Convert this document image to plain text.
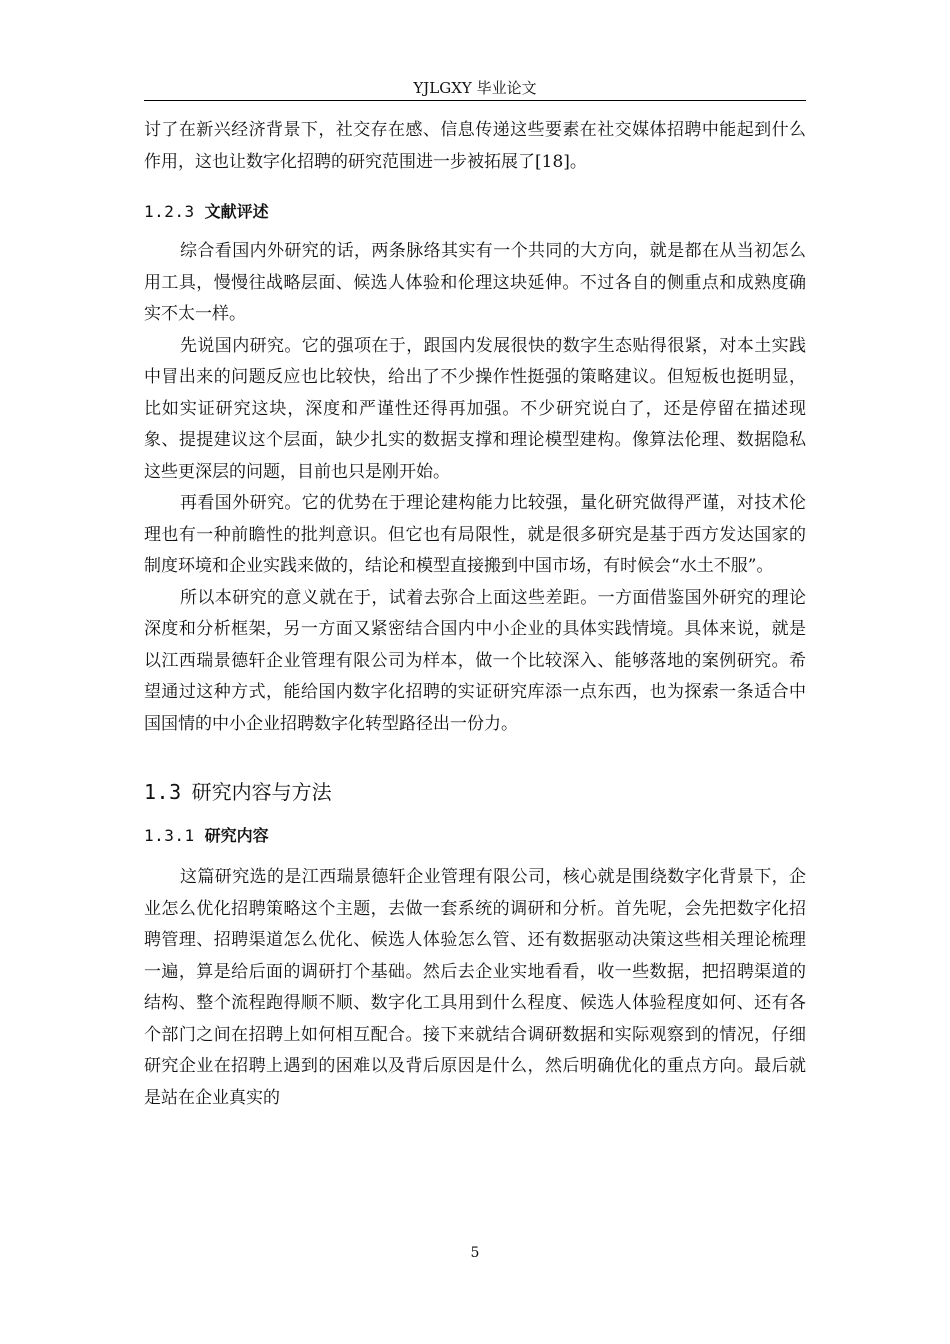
YJLGXY 毕业论文

讨了在新兴经济背景下，社交存在感、信息传递这些要素在社交媒体招聘中能起到什么作用，这也让数字化招聘的研究范围进一步被拓展了[18]。

1.2.3 文献评述

综合看国内外研究的话，两条脉络其实有一个共同的大方向，就是都在从当初怎么用工具，慢慢往战略层面、候选人体验和伦理这块延伸。不过各自的侧重点和成熟度确实不太一样。

先说国内研究。它的强项在于，跟国内发展很快的数字生态贴得很紧，对本土实践中冒出来的问题反应也比较快，给出了不少操作性挺强的策略建议。但短板也挺明显，比如实证研究这块，深度和严谨性还得再加强。不少研究说白了，还是停留在描述现象、提提建议这个层面，缺少扎实的数据支撑和理论模型建构。像算法伦理、数据隐私这些更深层的问题，目前也只是刚开始。

再看国外研究。它的优势在于理论建构能力比较强，量化研究做得严谨，对技术伦理也有一种前瞻性的批判意识。但它也有局限性，就是很多研究是基于西方发达国家的制度环境和企业实践来做的，结论和模型直接搬到中国市场，有时候会“水土不服”。

所以本研究的意义就在于，试着去弥合上面这些差距。一方面借鉴国外研究的理论深度和分析框架，另一方面又紧密结合国内中小企业的具体实践情境。具体来说，就是以江西瑞景德轩企业管理有限公司为样本，做一个比较深入、能够落地的案例研究。希望通过这种方式，能给国内数字化招聘的实证研究库添一点东西，也为探索一条适合中国国情的中小企业招聘数字化转型路径出一份力。

1.3 研究内容与方法
1.3.1 研究内容

这篇研究选的是江西瑞景德轩企业管理有限公司，核心就是围绕数字化背景下，企业怎么优化招聘策略这个主题，去做一套系统的调研和分析。首先呢，会先把数字化招聘管理、招聘渠道怎么优化、候选人体验怎么管、还有数据驱动决策这些相关理论梳理一遍，算是给后面的调研打个基础。然后去企业实地看看，收一些数据，把招聘渠道的结构、整个流程跑得顺不顺、数字化工具用到什么程度、候选人体验程度如何、还有各个部门之间在招聘上如何相互配合。接下来就结合调研数据和实际观察到的情况，仔细研究企业在招聘上遇到的困难以及背后原因是什么，然后明确优化的重点方向。最后就是站在企业真实的

5
